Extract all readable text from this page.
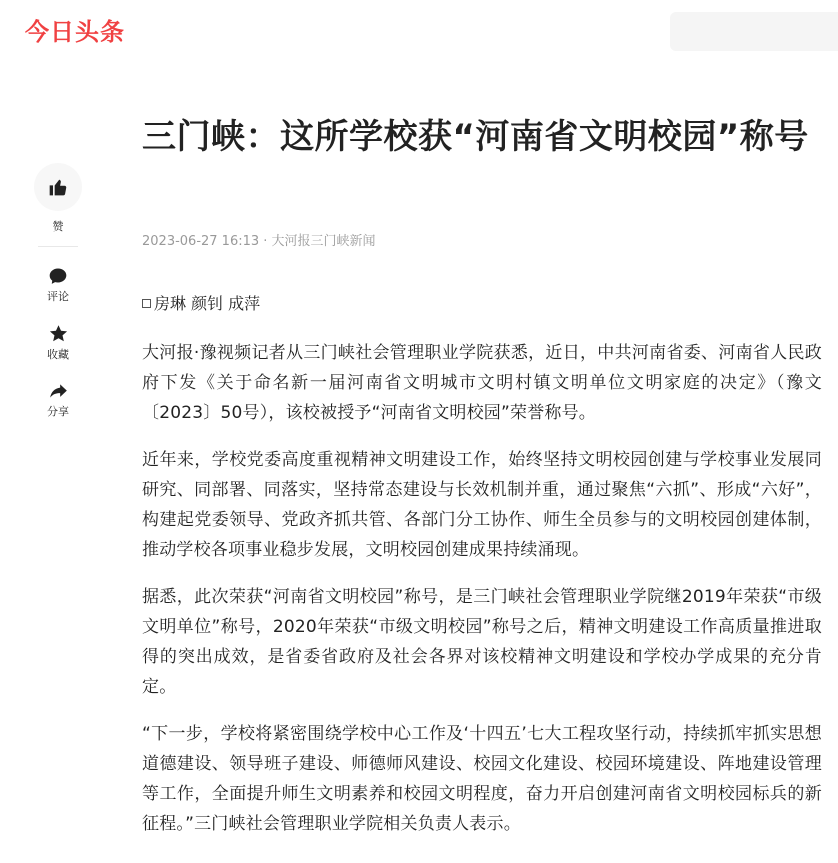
今日头条
赞
评论
收藏
分享
三门峡：这所学校获“河南省文明校园”称号
2023-06-27 16:13 · 大河报三门峡新闻

房琳 颜钊 成萍

大河报·豫视频记者从三门峡社会管理职业学院获悉，近日，中共河南省委、河南省人民政府下发《关于命名新一届河南省文明城市文明村镇文明单位文明家庭的决定》（豫文〔2023〕50号），该校被授予“河南省文明校园”荣誉称号。

近年来，学校党委高度重视精神文明建设工作，始终坚持文明校园创建与学校事业发展同研究、同部署、同落实，坚持常态建设与长效机制并重，通过聚焦“六抓”、形成“六好”，构建起党委领导、党政齐抓共管、各部门分工协作、师生全员参与的文明校园创建体制，推动学校各项事业稳步发展，文明校园创建成果持续涌现。

据悉，此次荣获“河南省文明校园”称号，是三门峡社会管理职业学院继2019年荣获“市级文明单位”称号，2020年荣获“市级文明校园”称号之后，精神文明建设工作高质量推进取得的突出成效，是省委省政府及社会各界对该校精神文明建设和学校办学成果的充分肯定。

“下一步，学校将紧密围绕学校中心工作及‘十四五’七大工程攻坚行动，持续抓牢抓实思想道德建设、领导班子建设、师德师风建设、校园文化建设、校园环境建设、阵地建设管理等工作，全面提升师生文明素养和校园文明程度，奋力开启创建河南省文明校园标兵的新征程。”三门峡社会管理职业学院相关负责人表示。
